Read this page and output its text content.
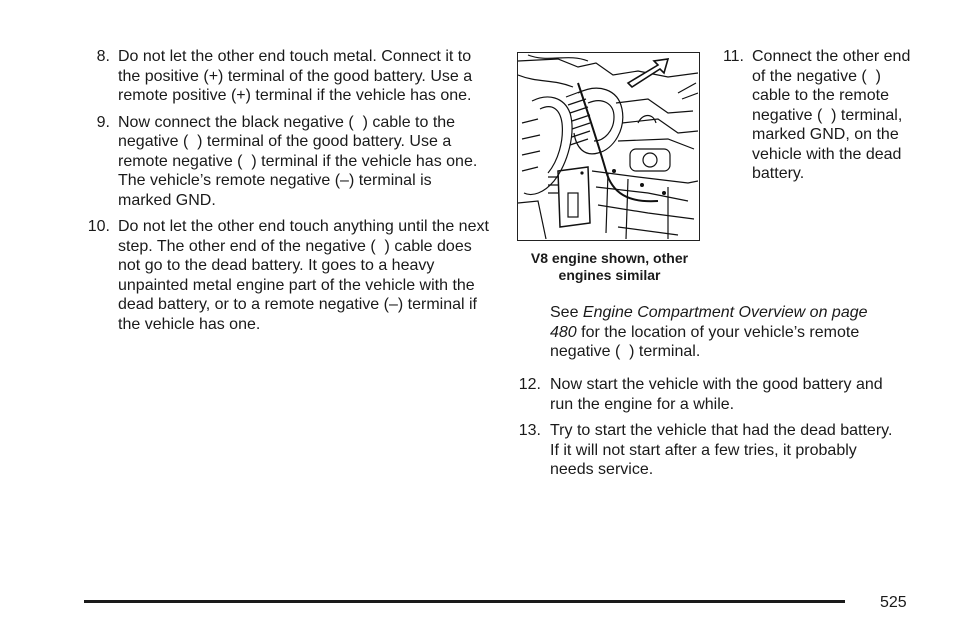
8. Do not let the other end touch metal. Connect it to the positive (+) terminal of the good battery. Use a remote positive (+) terminal if the vehicle has one.
9. Now connect the black negative (  ) cable to the negative (  ) terminal of the good battery. Use a remote negative (  ) terminal if the vehicle has one. The vehicle’s remote negative (–) terminal is marked GND.
10. Do not let the other end touch anything until the next step. The other end of the negative (  ) cable does not go to the dead battery. It goes to a heavy unpainted metal engine part of the vehicle with the dead battery, or to a remote negative (–) terminal if the vehicle has one.
V8 engine shown, other engines similar
11. Connect the other end of the negative (  ) cable to the remote negative (  ) terminal, marked GND, on the vehicle with the dead battery.
See Engine Compartment Overview on page 480 for the location of your vehicle’s remote negative (  ) terminal.
12. Now start the vehicle with the good battery and run the engine for a while.
13. Try to start the vehicle that had the dead battery. If it will not start after a few tries, it probably needs service.
525
